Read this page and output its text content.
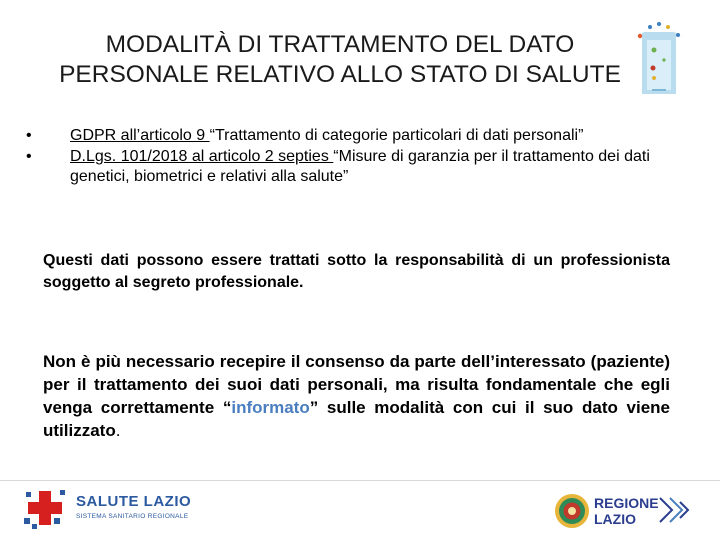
MODALITÀ DI TRATTAMENTO DEL DATO
PERSONALE RELATIVO ALLO STATO DI SALUTE
• GDPR all’articolo 9 “Trattamento di categorie particolari di dati personali”
• D.Lgs. 101/2018 al articolo 2 septies “Misure di garanzia per il trattamento dei dati genetici, biometrici e relativi alla salute”
Questi dati possono essere trattati sotto la responsabilità di un professionista soggetto al segreto professionale.
Non è più necessario recepire il consenso da parte dell’interessato (paziente) per il trattamento dei suoi dati personali, ma risulta fondamentale che egli venga correttamente “informato” sulle modalità con cui il suo dato viene utilizzato.
SALUTE LAZIO
SISTEMA SANITARIO REGIONALE
REGIONE
LAZIO
